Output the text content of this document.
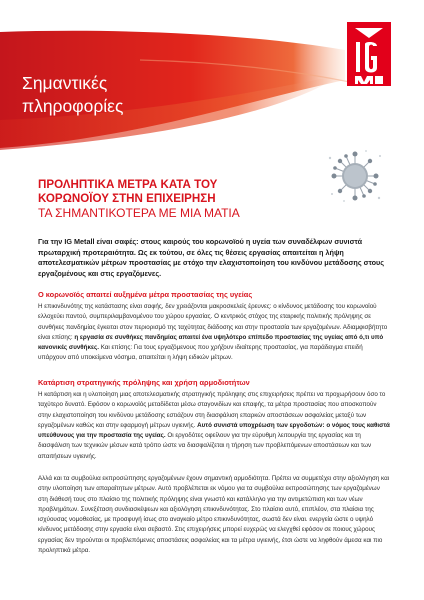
Σημαντικές
πληροφορίες
ΠΡΟΛΗΠΤΙΚΑ ΜΕΤΡΑ ΚΑΤΑ ΤΟΥ
ΚΟΡΩΝΟΪΟΥ ΣΤΗΝ ΕΠΙΧΕΙΡΗΣΗ
ΤΑ ΣΗΜΑΝΤΙΚΟΤΕΡΑ ΜΕ ΜΙΑ ΜΑΤΙΑ

Για την IG Metall είναι σαφές: στους καιρούς του κορωνοϊού η υγεία των συναδέλφων συνιστά πρωταρχική προτεραιότητα. Ως εκ τούτου, σε όλες τις θέσεις εργασίας απαιτείται η λήψη αποτελεσματικών μέτρων προστασίας με στόχο την ελαχιστοποίηση του κινδύνου μετάδοσης στους εργαζομένους και στις εργαζόμενες.

Ο κορωνοϊός απαιτεί αυξημένα μέτρα προστασίας της υγείας

Η επικινδυνότης της κατάστασης είναι σαφής, δεν χρειάζονται μακροσκελείς έρευνες: ο κίνδυνος μετάδοσης του κορωνοϊού ελλοχεύει παντού, συμπεριλαμβανομένου του χώρου εργασίας. Ο κεντρικός στόχος της εταιρικής πολιτικής πρόληψης σε συνθήκες πανδημίας έγκειται στον περιορισμό της ταχύτητας διάδοσης και στην προστασία των εργαζομένων. Αδιαμφισβήτητο είναι επίσης: η εργασία σε συνθήκες πανδημίας απαιτεί ένα υψηλότερο επίπεδο προστασίας της υγείας από ό,τι υπό κανονικές συνθήκες. Και επίσης: Για τους εργαζόμενους που χρήζουν ιδιαίτερης προστασίας, για παράδειγμα επειδή υπάρχουν από υποκείμενα νόσημα, απαιτείται η λήψη ειδικών μέτρων.

Κατάρτιση στρατηγικής πρόληψης και χρήση αρμοδιοτήτων

Η κατάρτιση και η υλοποίηση μιας αποτελεσματικής στρατηγικής πρόληψης στις επιχειρήσεις πρέπει να προχωρήσουν όσο το ταχύτερο δυνατό. Εφόσον ο κορωνοϊός μεταδίδεται μέσω σταγονιδίων και επαφής, τα μέτρα προστασίας που αποσκοπούν στην ελαχιστοποίηση του κινδύνου μετάδοσης εστιάζουν στη διασφάλιση επαρκών αποστάσεων ασφαλείας μεταξύ των εργαζομένων καθώς και στην εφαρμογή μέτρων υγιεινής. Αυτό συνιστά υποχρέωση των εργοδοτών: ο νόμος τους καθιστά υπεύθυνους για την προστασία της υγείας. Οι εργοδότες οφείλουν για την εύρυθμη λειτουργία της εργασίας και τη διασφάλιση των τεχνικών μέσων κατά τρόπο ώστε να διασφαλίζεται η τήρηση των προβλεπόμενων αποστάσεων και των απαιτήσεων υγιεινής.

Αλλά και τα συμβούλια εκπροσώπησης εργαζομένων έχουν σημαντική αρμοδιότητα. Πρέπει να συμμετέχει στην αξιολόγηση και στην υλοποίηση των απαραίτητων μέτρων. Αυτό προβλέπεται εκ νόμου για τα συμβούλια εκπροσώπησης των εργαζομένων στη διάθεσή τους στο πλαίσιο της πολιτικής πρόληψης είναι γνωστό και κατάλληλο για την αντιμετώπιση και των νέων προβλημάτων. Συνεξέταση συνδιασκέψεων και αξιολόγηση επικινδυνότητας. Στο πλαίσιο αυτό, επιπλέον, στα πλαίσια της ισχύουσας νομοθεσίας, με προσφυγή ίσως στο αναγκαίο μέτρο επικινδυνότητας, σωστά δεν είναι. ενεργεία ώστε ο υψηλό κίνδυνος μετάδοσης στην εργασία είναι σεβαστό. Στις επιχειρήσεις μπορεί ευχερώς να ελεγχθεί εφόσον σε ποιους χώρους εργασίας δεν τηρούνται οι προβλεπόμενες αποστάσεις ασφαλείας και τα μέτρα υγιεινής, έτσι ώστε να ληφθούν άμεσα και πιο προληπτικά μέτρα.
